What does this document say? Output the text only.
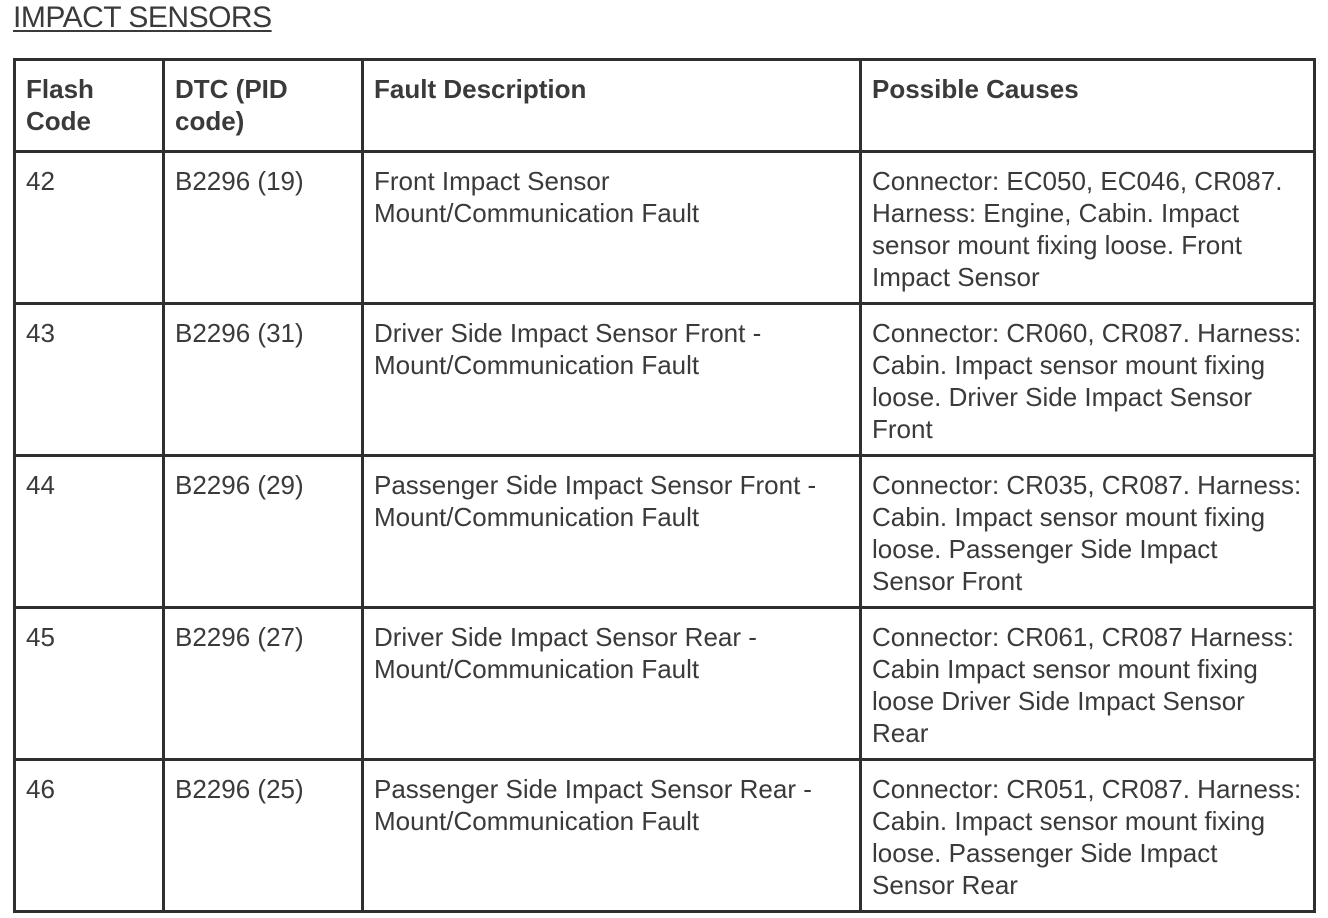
IMPACT SENSORS
Flash Code	DTC (PID code)	Fault Description	Possible Causes
42	B2296 (19)	Front Impact Sensor Mount/Communication Fault	Connector: EC050, EC046, CR087. Harness: Engine, Cabin. Impact sensor mount fixing loose. Front Impact Sensor
43	B2296 (31)	Driver Side Impact Sensor Front - Mount/Communication Fault	Connector: CR060, CR087. Harness: Cabin. Impact sensor mount fixing loose. Driver Side Impact Sensor Front
44	B2296 (29)	Passenger Side Impact Sensor Front - Mount/Communication Fault	Connector: CR035, CR087. Harness: Cabin. Impact sensor mount fixing loose. Passenger Side Impact Sensor Front
45	B2296 (27)	Driver Side Impact Sensor Rear - Mount/Communication Fault	Connector: CR061, CR087 Harness: Cabin Impact sensor mount fixing loose Driver Side Impact Sensor Rear
46	B2296 (25)	Passenger Side Impact Sensor Rear - Mount/Communication Fault	Connector: CR051, CR087. Harness: Cabin. Impact sensor mount fixing loose. Passenger Side Impact Sensor Rear
